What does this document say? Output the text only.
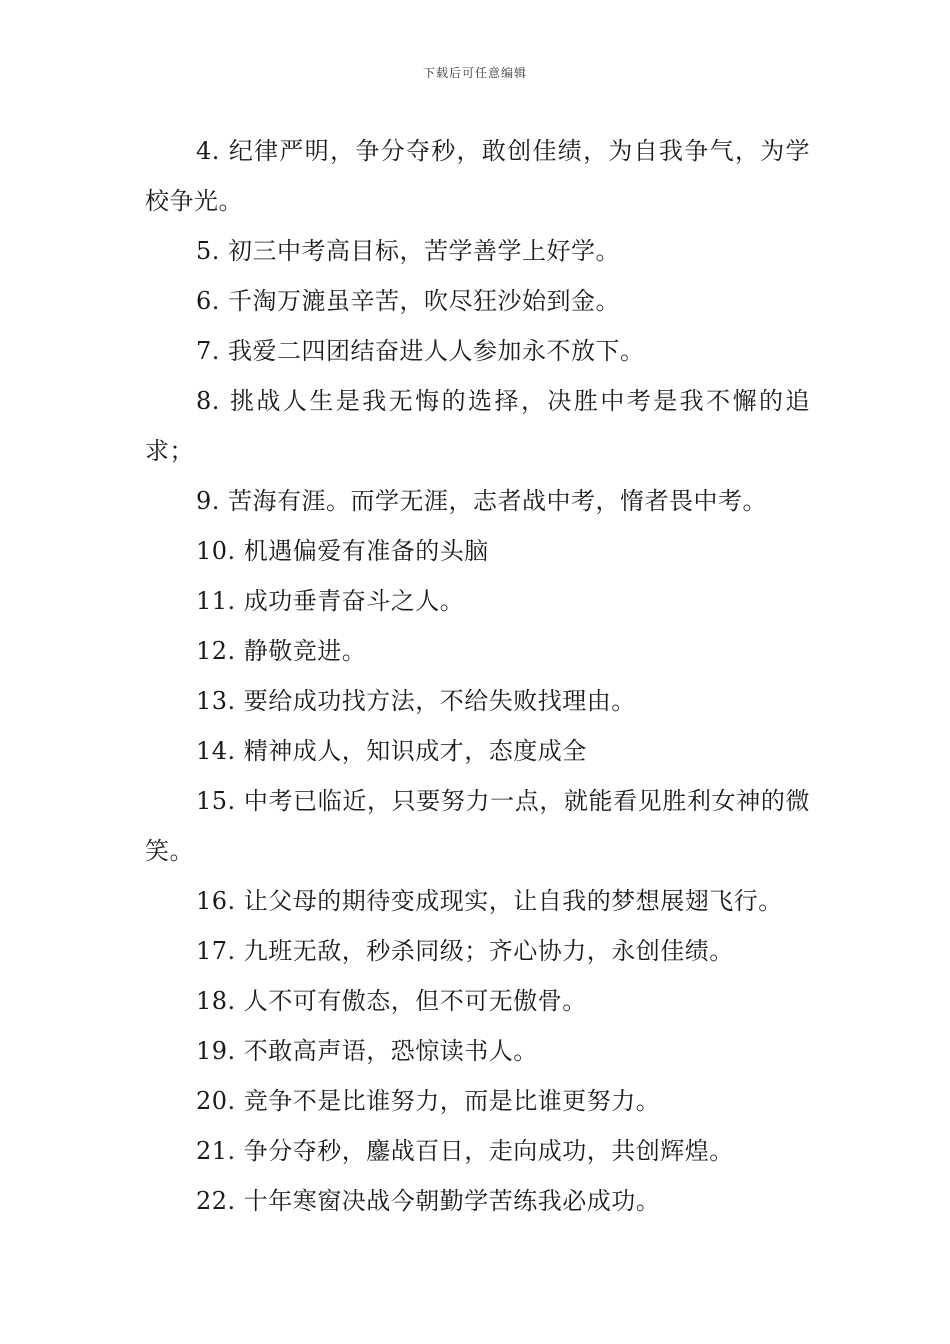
下载后可任意编辑

4. 纪律严明，争分夺秒，敢创佳绩，为自我争气，为学校争光。

5. 初三中考高目标，苦学善学上好学。

6. 千淘万漉虽辛苦，吹尽狂沙始到金。

7. 我爱二四团结奋进人人参加永不放下。

8. 挑战人生是我无悔的选择，决胜中考是我不懈的追求；

9. 苦海有涯。而学无涯，志者战中考，惰者畏中考。

10. 机遇偏爱有准备的头脑

11. 成功垂青奋斗之人。

12. 静敬竞进。

13. 要给成功找方法，不给失败找理由。

14. 精神成人，知识成才，态度成全

15. 中考已临近，只要努力一点，就能看见胜利女神的微笑。

16. 让父母的期待变成现实，让自我的梦想展翅飞行。

17. 九班无敌，秒杀同级；齐心协力，永创佳绩。

18. 人不可有傲态，但不可无傲骨。

19. 不敢高声语，恐惊读书人。

20. 竞争不是比谁努力，而是比谁更努力。

21. 争分夺秒，鏖战百日，走向成功，共创辉煌。

22. 十年寒窗决战今朝勤学苦练我必成功。
